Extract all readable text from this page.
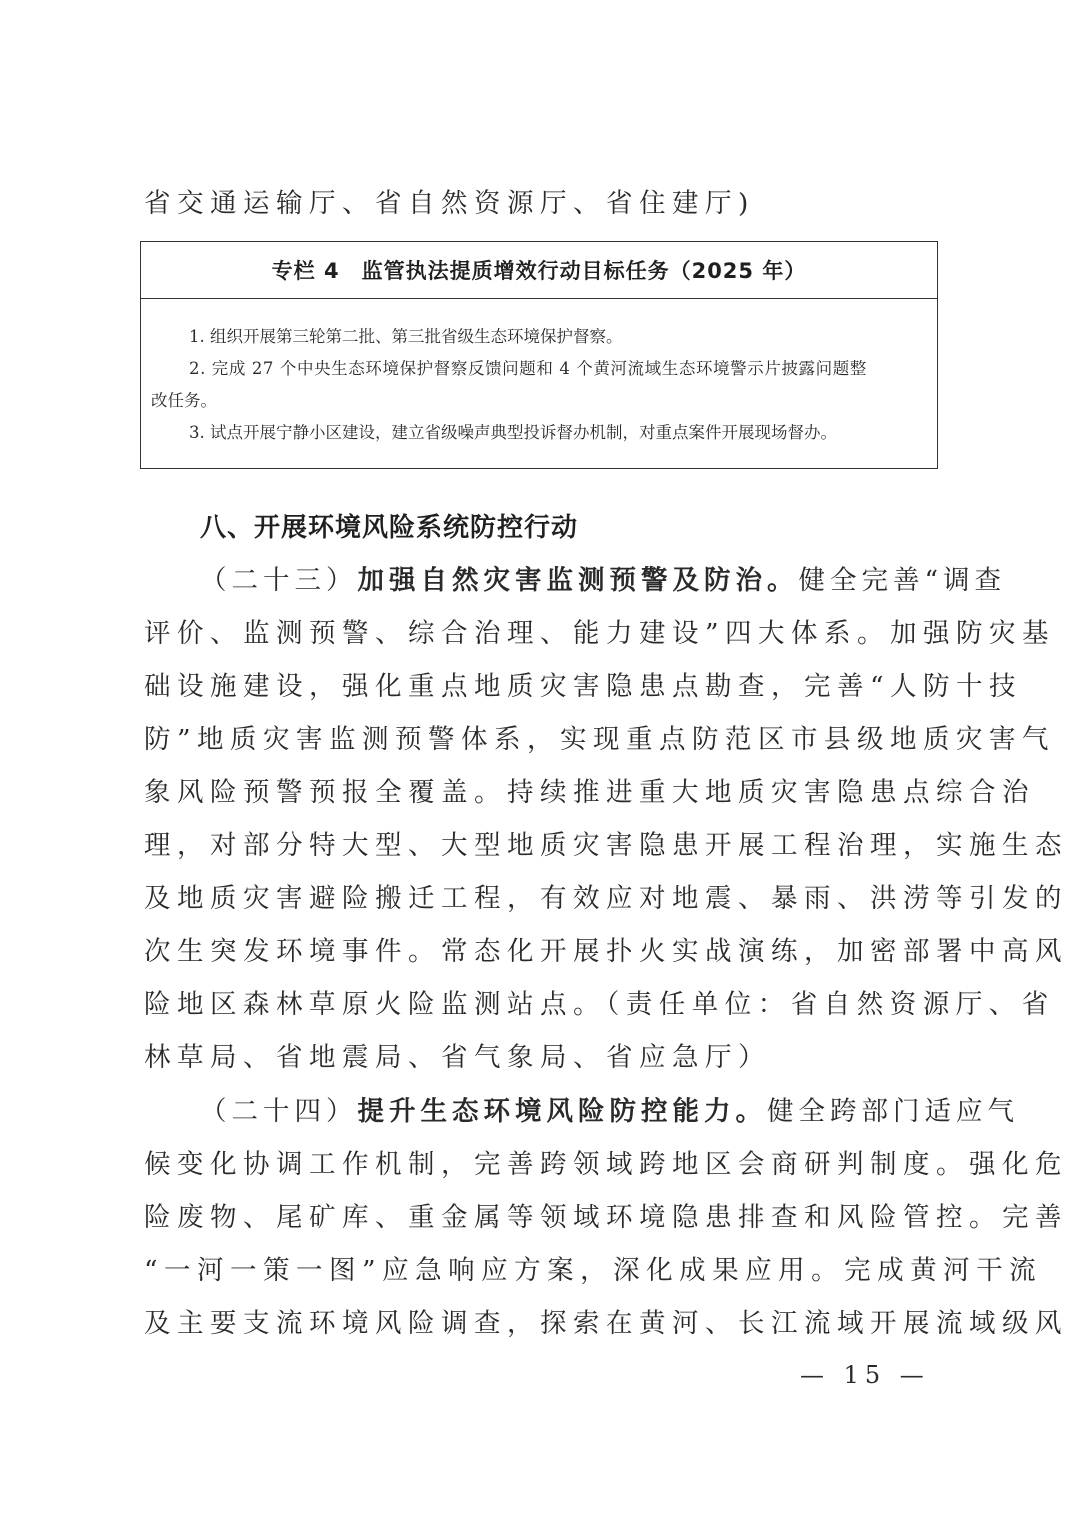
省交通运输厅、省自然资源厅、省住建厅)
专栏 4　监管执法提质增效行动目标任务（2025 年）
1. 组织开展第三轮第二批、第三批省级生态环境保护督察。
2. 完成 27 个中央生态环境保护督察反馈问题和 4 个黄河流域生态环境警示片披露问题整
改任务。
3. 试点开展宁静小区建设，建立省级噪声典型投诉督办机制，对重点案件开展现场督办。
八、开展环境风险系统防控行动
（二十三）加强自然灾害监测预警及防治。健全完善“调查
评价、监测预警、综合治理、能力建设”四大体系。加强防灾基
础设施建设，强化重点地质灾害隐患点勘查，完善“人防十技
防”地质灾害监测预警体系，实现重点防范区市县级地质灾害气
象风险预警预报全覆盖。持续推进重大地质灾害隐患点综合治
理，对部分特大型、大型地质灾害隐患开展工程治理，实施生态
及地质灾害避险搬迁工程，有效应对地震、暴雨、洪涝等引发的
次生突发环境事件。常态化开展扑火实战演练，加密部署中高风
险地区森林草原火险监测站点。（责任单位：省自然资源厅、省
林草局、省地震局、省气象局、省应急厅）
（二十四）提升生态环境风险防控能力。健全跨部门适应气
候变化协调工作机制，完善跨领域跨地区会商研判制度。强化危
险废物、尾矿库、重金属等领域环境隐患排查和风险管控。完善
“一河一策一图”应急响应方案，深化成果应用。完成黄河干流
及主要支流环境风险调查，探索在黄河、长江流域开展流域级风
— 15 —
